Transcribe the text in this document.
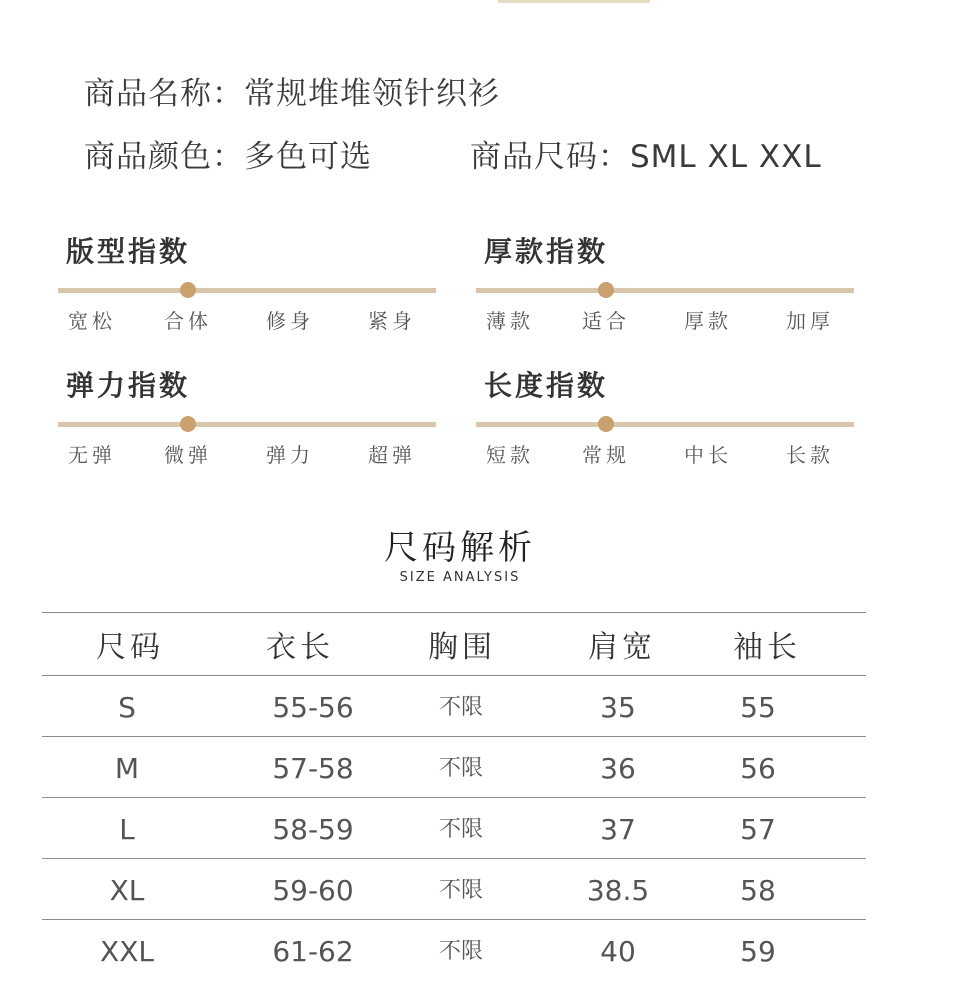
商品名称 ： 常规堆堆领针织衫
商品颜色 ： 多色可选	商品尺码 ： SML XL XXL
版型指数
宽松 合体	修身	紧身
厚款指数
薄款 适合	厚款	加厚
弹力指数
无弹 微弹	弹力	超弹
长度指数
短款 常规	中长	长款
尺码解析
SIZE ANALYSIS
尺码	衣长	胸围	肩宽	袖长
S	55-56	不限	35	55
M	57-58	不限	36	56
L	58-59	不限	37	57
XL	59-60	不限	38.5	58
XXL	61-62	不限	40	59
